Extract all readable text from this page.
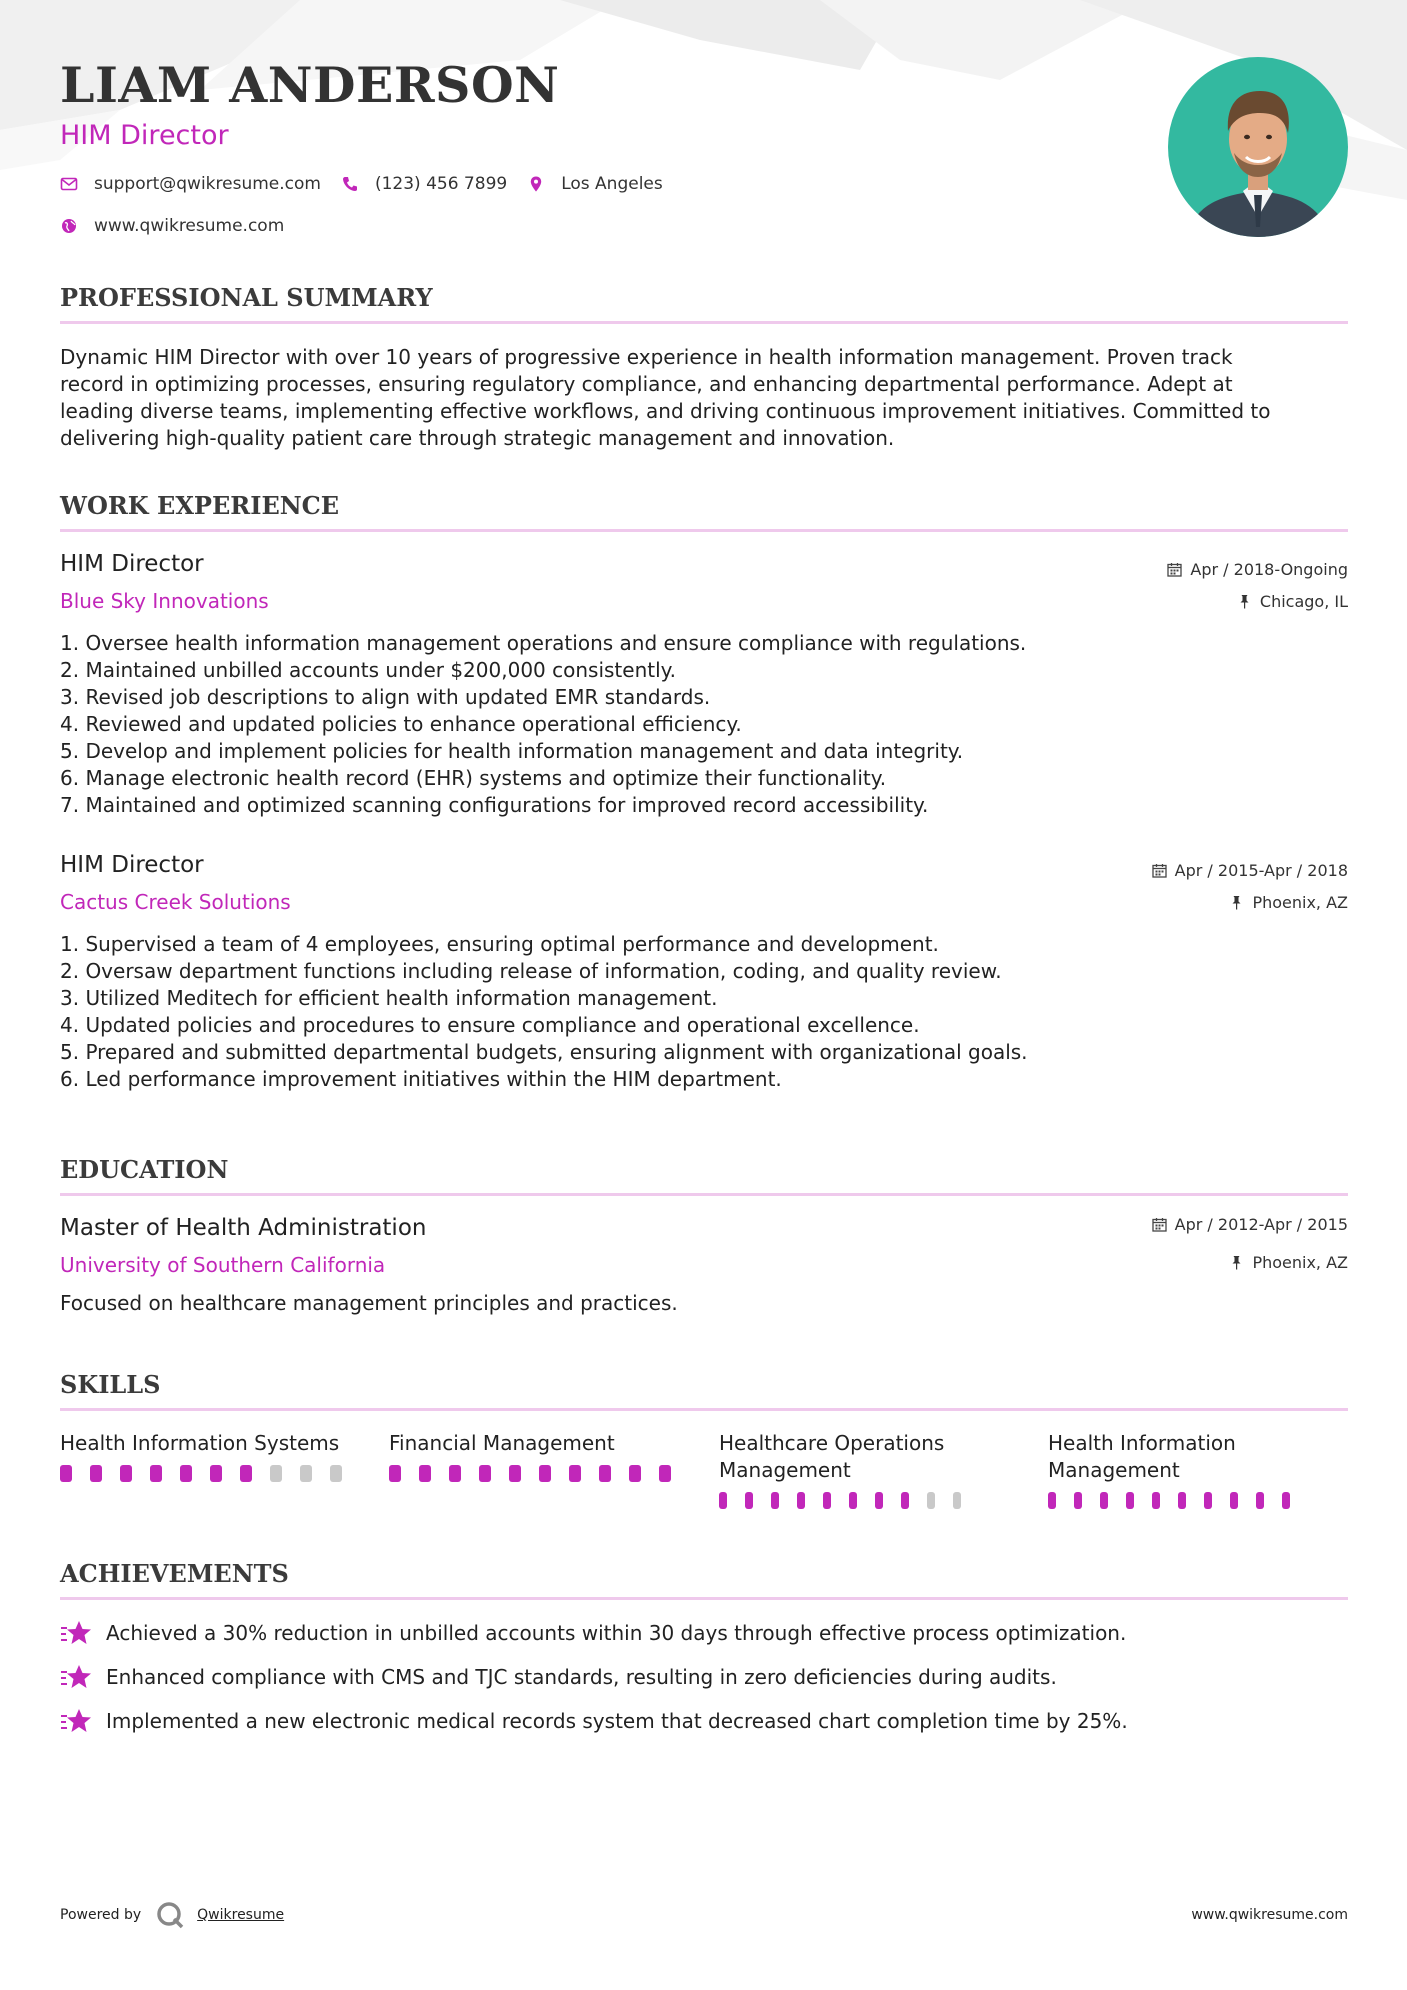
LIAM ANDERSON
HIM Director
support@qwikresume.com	(123) 456 7899	Los Angeles
www.qwikresume.com
PROFESSIONAL SUMMARY
Dynamic HIM Director with over 10 years of progressive experience in health information management. Proven track
record in optimizing processes, ensuring regulatory compliance, and enhancing departmental performance. Adept at
leading diverse teams, implementing effective workflows, and driving continuous improvement initiatives. Committed to
delivering high-quality patient care through strategic management and innovation.
WORK EXPERIENCE
HIM Director
Blue Sky Innovations
Apr / 2018-Ongoing
Chicago, IL
1. Oversee health information management operations and ensure compliance with regulations.
2. Maintained unbilled accounts under $200,000 consistently.
3. Revised job descriptions to align with updated EMR standards.
4. Reviewed and updated policies to enhance operational efficiency.
5. Develop and implement policies for health information management and data integrity.
6. Manage electronic health record (EHR) systems and optimize their functionality.
7. Maintained and optimized scanning configurations for improved record accessibility.
HIM Director
Cactus Creek Solutions
Apr / 2015-Apr / 2018
Phoenix, AZ
1. Supervised a team of 4 employees, ensuring optimal performance and development.
2. Oversaw department functions including release of information, coding, and quality review.
3. Utilized Meditech for efficient health information management.
4. Updated policies and procedures to ensure compliance and operational excellence.
5. Prepared and submitted departmental budgets, ensuring alignment with organizational goals.
6. Led performance improvement initiatives within the HIM department.
EDUCATION
Master of Health Administration
University of Southern California
Apr / 2012-Apr / 2015
Phoenix, AZ
Focused on healthcare management principles and practices.
SKILLS
Health Information Systems	Financial Management	Healthcare Operations Management
Health Information Management
ACHIEVEMENTS
Achieved a 30% reduction in unbilled accounts within 30 days through effective process optimization.
Enhanced compliance with CMS and TJC standards, resulting in zero deficiencies during audits.
Implemented a new electronic medical records system that decreased chart completion time by 25%.
Powered by	Qwikresume	www.qwikresume.com
